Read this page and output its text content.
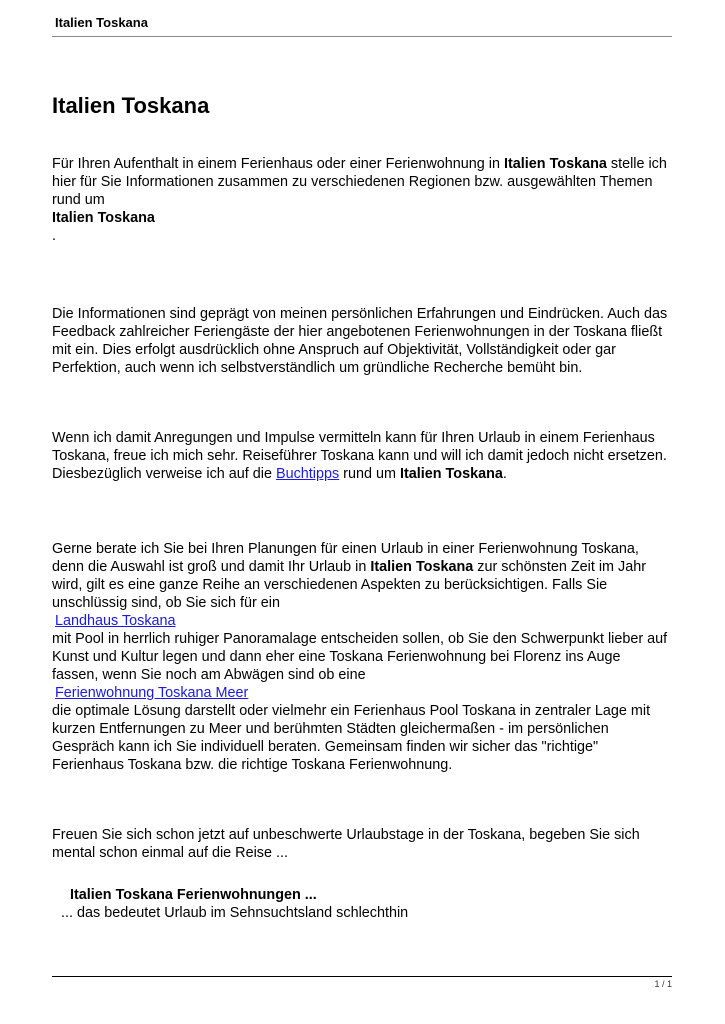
Italien Toskana
Italien Toskana

Für Ihren Aufenthalt in einem Ferienhaus oder einer Ferienwohnung in Italien Toskana stelle ich hier für Sie Informationen zusammen zu verschiedenen Regionen bzw. ausgewählten Themen rund um
Italien Toskana
.

Die Informationen sind geprägt von meinen persönlichen Erfahrungen und Eindrücken. Auch das Feedback zahlreicher Feriengäste der hier angebotenen Ferienwohnungen in der Toskana fließt mit ein. Dies erfolgt ausdrücklich ohne Anspruch auf Objektivität, Vollständigkeit oder gar Perfektion, auch wenn ich selbstverständlich um gründliche Recherche bemüht bin.

Wenn ich damit Anregungen und Impulse vermitteln kann für Ihren Urlaub in einem Ferienhaus Toskana, freue ich mich sehr. Reiseführer Toskana kann und will ich damit jedoch nicht ersetzen. Diesbezüglich verweise ich auf die Buchtipps rund um Italien Toskana.

Gerne berate ich Sie bei Ihren Planungen für einen Urlaub in einer Ferienwohnung Toskana, denn die Auswahl ist groß und damit Ihr Urlaub in Italien Toskana zur schönsten Zeit im Jahr wird, gilt es eine ganze Reihe an verschiedenen Aspekten zu berücksichtigen. Falls Sie unschlüssig sind, ob Sie sich für ein
Landhaus Toskana
mit Pool in herrlich ruhiger Panoramalage entscheiden sollen, ob Sie den Schwerpunkt lieber auf Kunst und Kultur legen und dann eher eine Toskana Ferienwohnung bei Florenz ins Auge fassen, wenn Sie noch am Abwägen sind ob eine
Ferienwohnung Toskana Meer
die optimale Lösung darstellt oder vielmehr ein Ferienhaus Pool Toskana in zentraler Lage mit kurzen Entfernungen zu Meer und berühmten Städten gleichermaßen - im persönlichen Gespräch kann ich Sie individuell beraten. Gemeinsam finden wir sicher das "richtige" Ferienhaus Toskana bzw. die richtige Toskana Ferienwohnung.

Freuen Sie sich schon jetzt auf unbeschwerte Urlaubstage in der Toskana, begeben Sie sich mental schon einmal auf die Reise ...

Italien Toskana Ferienwohnungen ...

... das bedeutet Urlaub im Sehnsuchtsland schlechthin

1 / 1
